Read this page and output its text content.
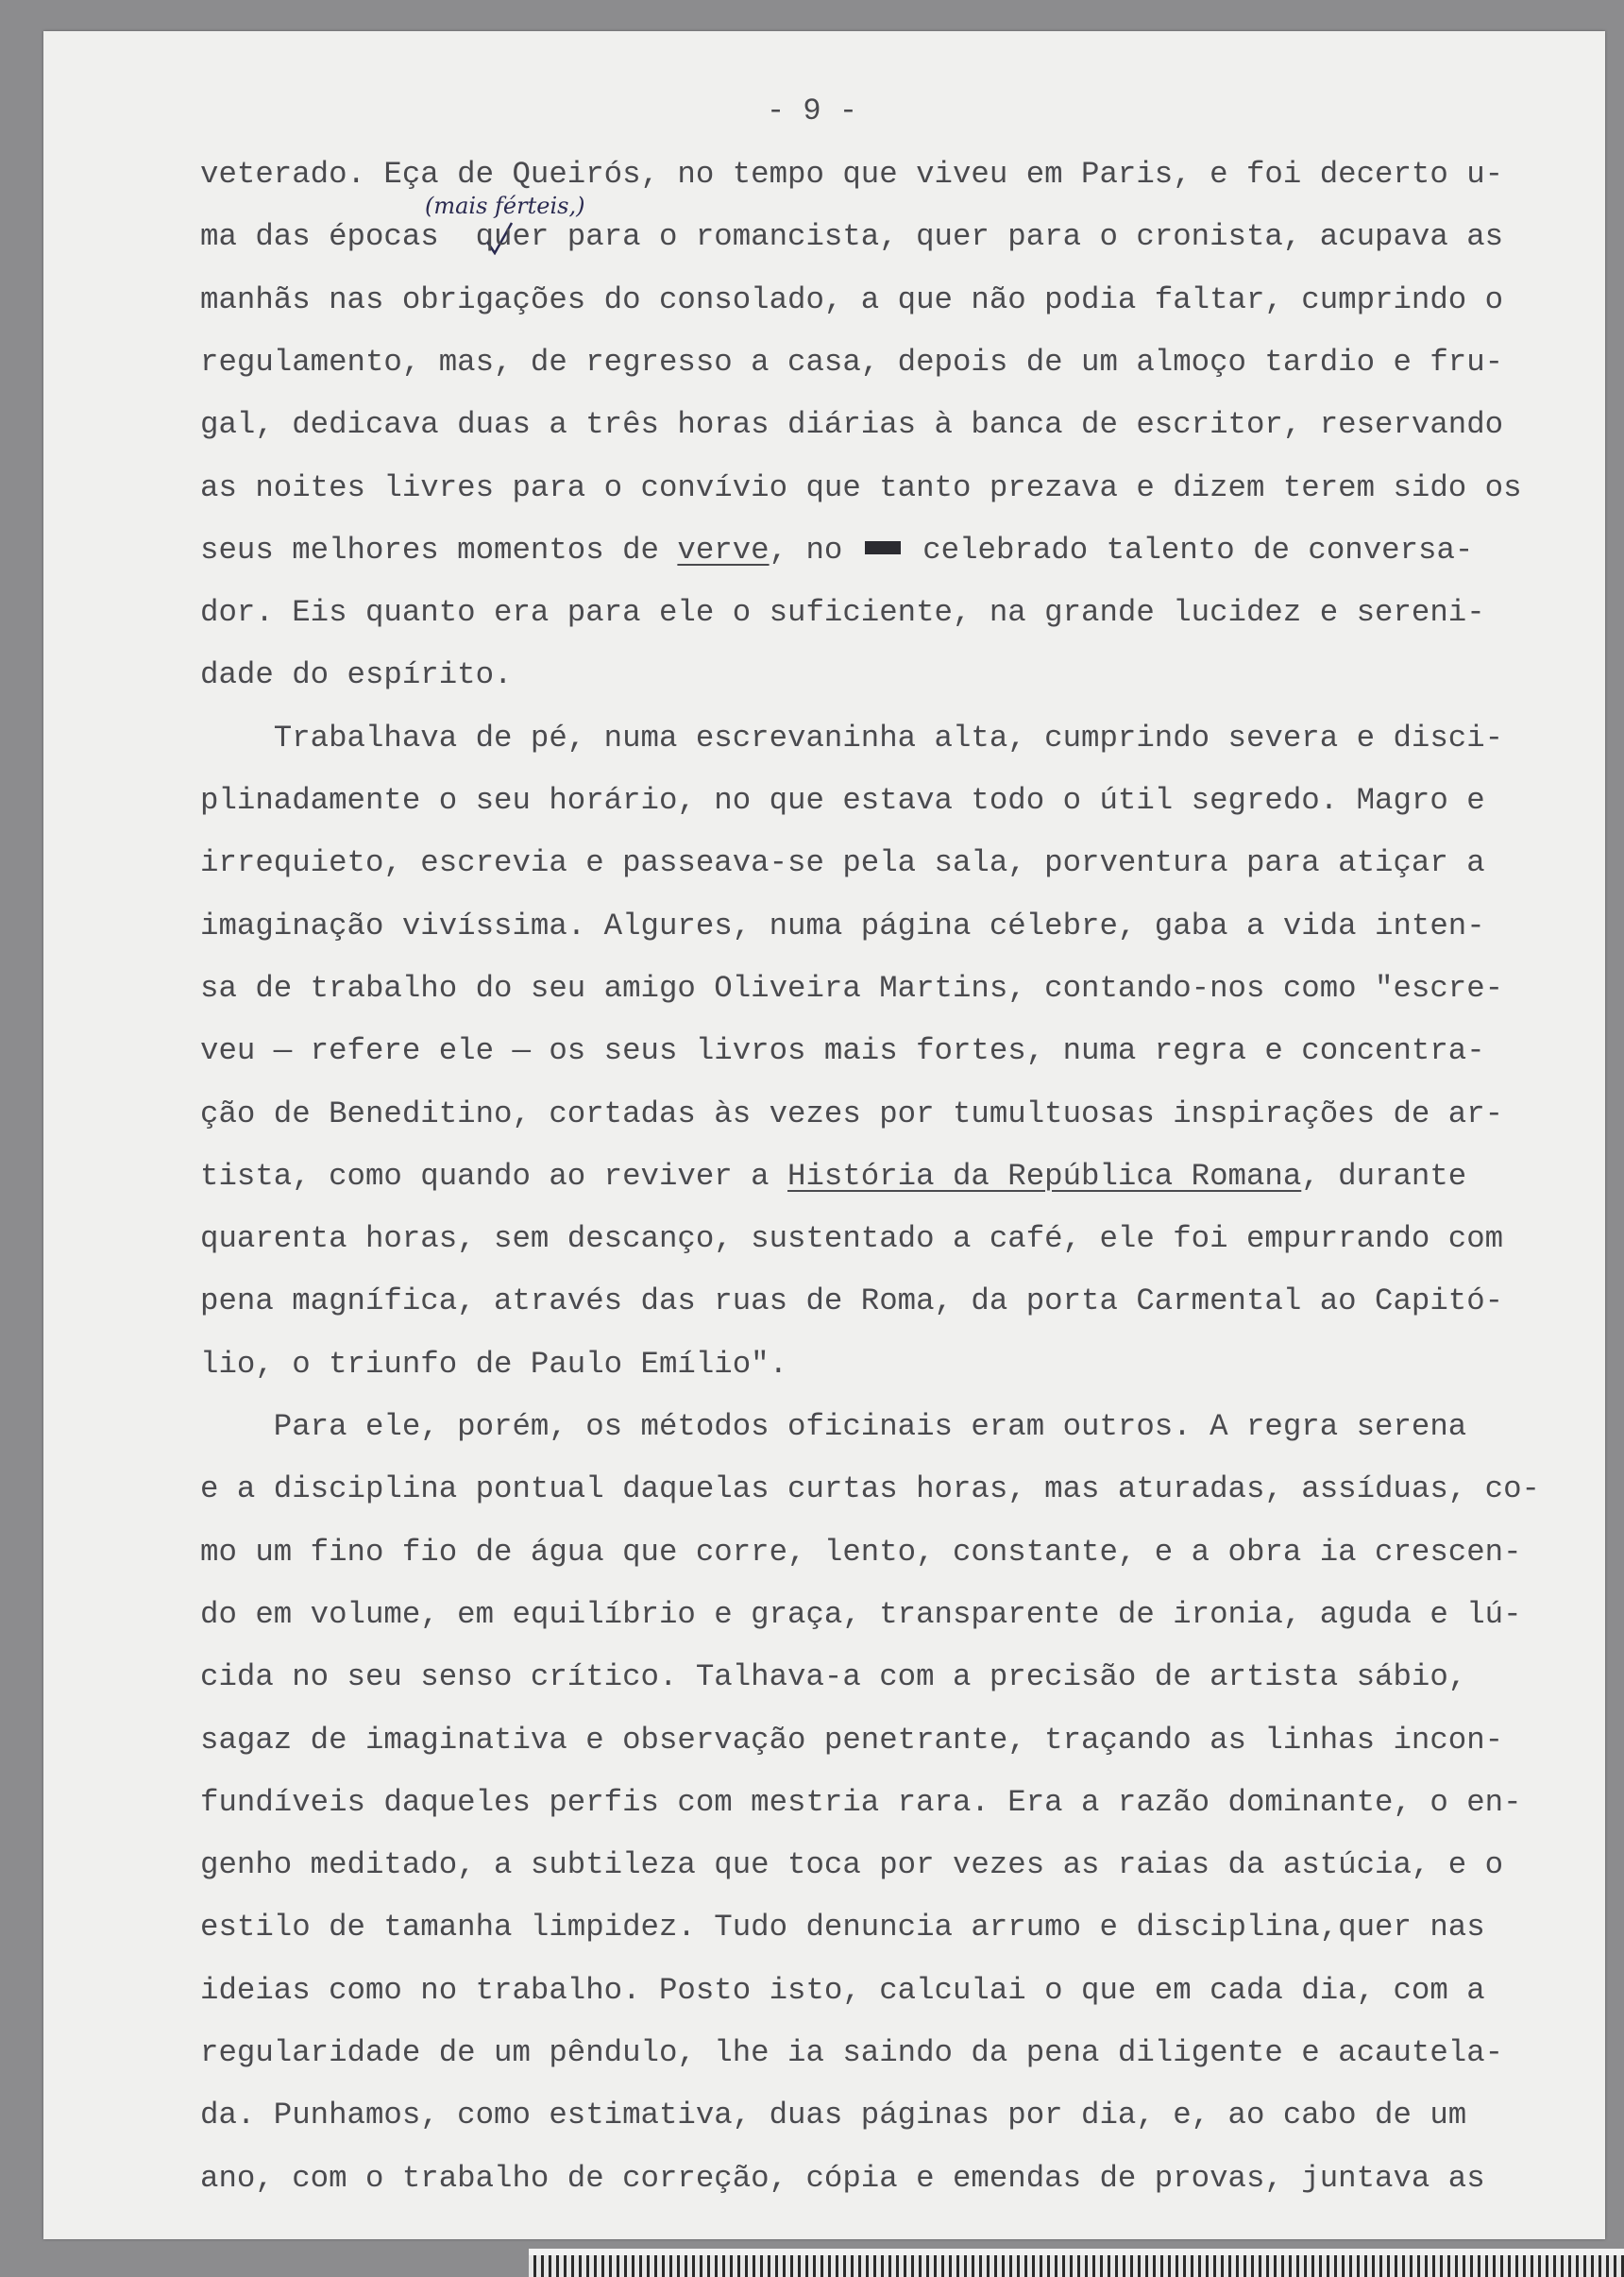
- 9 -
(mais férteis,)
veterado. Eça de Queirós, no tempo que viveu em Paris, e foi decerto u-
ma das épocas  quer para o romancista, quer para o cronista, acupava as
manhãs nas obrigações do consolado, a que não podia faltar, cumprindo o
regulamento, mas, de regresso a casa, depois de um almoço tardio e fru-
gal, dedicava duas a três horas diárias à banca de escritor, reservando
as noites livres para o convívio que tanto prezava e dizem terem sido os
seus melhores momentos de verve, no  celebrado talento de conversa-
dor. Eis quanto era para ele o suficiente, na grande lucidez e sereni-
dade do espírito.
Trabalhava de pé, numa escrevaninha alta, cumprindo severa e disci-
plinadamente o seu horário, no que estava todo o útil segredo. Magro e
irrequieto, escrevia e passeava-se pela sala, porventura para atiçar a
imaginação vivíssima. Algures, numa página célebre, gaba a vida inten-
sa de trabalho do seu amigo Oliveira Martins, contando-nos como "escre-
veu — refere ele — os seus livros mais fortes, numa regra e concentra-
ção de Beneditino, cortadas às vezes por tumultuosas inspirações de ar-
tista, como quando ao reviver a História da República Romana, durante
quarenta horas, sem descanço, sustentado a café, ele foi empurrando com
pena magnífica, através das ruas de Roma, da porta Carmental ao Capitó-
lio, o triunfo de Paulo Emílio".
Para ele, porém, os métodos oficinais eram outros. A regra serena
e a disciplina pontual daquelas curtas horas, mas aturadas, assíduas, co-
mo um fino fio de água que corre, lento, constante, e a obra ia crescen-
do em volume, em equilíbrio e graça, transparente de ironia, aguda e lú-
cida no seu senso crítico. Talhava-a com a precisão de artista sábio,
sagaz de imaginativa e observação penetrante, traçando as linhas incon-
fundíveis daqueles perfis com mestria rara. Era a razão dominante, o en-
genho meditado, a subtileza que toca por vezes as raias da astúcia, e o
estilo de tamanha limpidez. Tudo denuncia arrumo e disciplina,quer nas
ideias como no trabalho. Posto isto, calculai o que em cada dia, com a
regularidade de um pêndulo, lhe ia saindo da pena diligente e acautela-
da. Punhamos, como estimativa, duas páginas por dia, e, ao cabo de um
ano, com o trabalho de correção, cópia e emendas de provas, juntava as
